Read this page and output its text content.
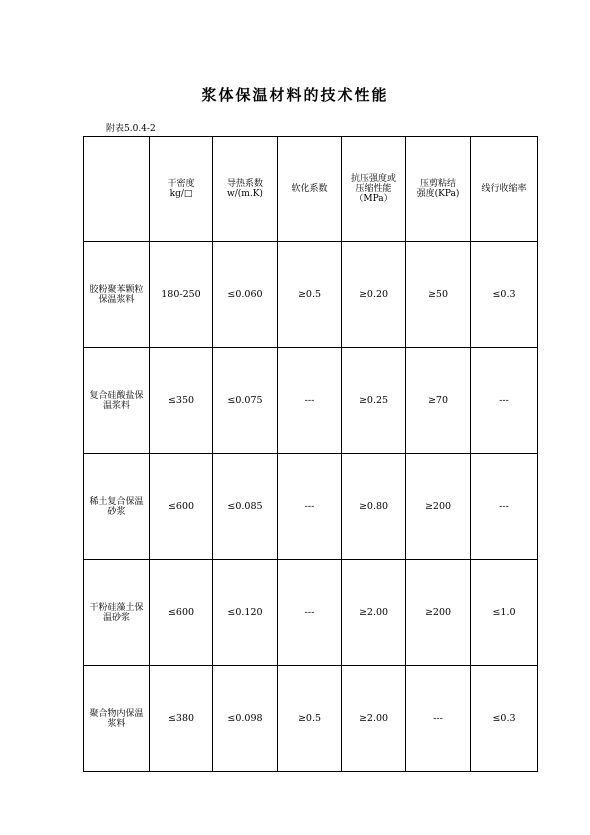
浆体保温材料的技术性能
附表5.0.4-2
	干密度
kg/□	导热系数
w/(m.K)	软化系数	抗压强度或
压缩性能
（MPa）	压剪粘结
强度(KPa)	线行收缩率
胶粉聚苯颗粒
保温浆料	180-250	≤0.060	≥0.5	≥0.20	≥50	≤0.3
复合硅酸盐保
温浆料	≤350	≤0.075	---	≥0.25	≥70	---
稀土复合保温
砂浆	≤600	≤0.085	---	≥0.80	≥200	---
干粉硅藻土保
温砂浆	≤600	≤0.120	---	≥2.00	≥200	≤1.0
聚合物内保温
浆料	≤380	≤0.098	≥0.5	≥2.00	---	≤0.3
